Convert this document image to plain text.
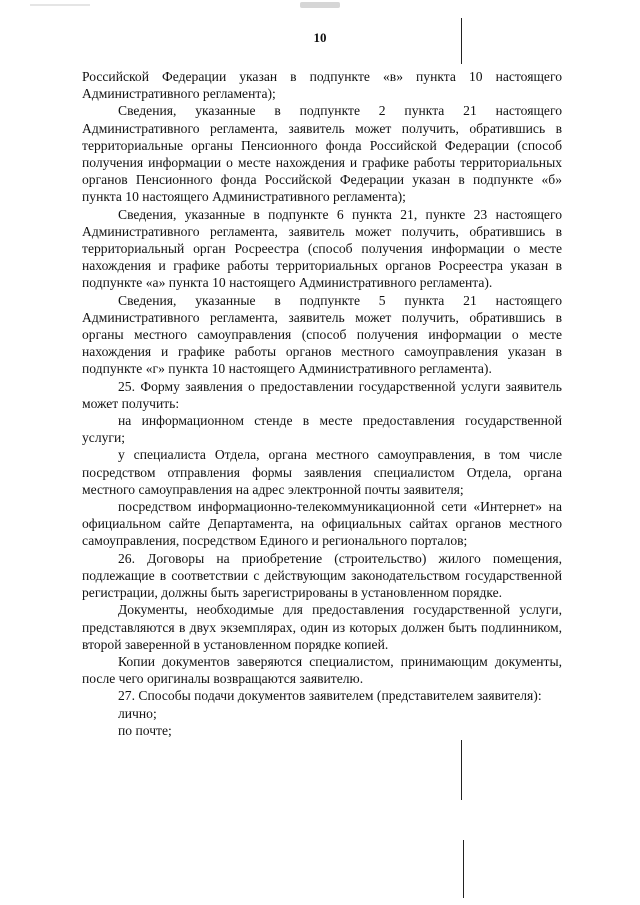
10

Российской Федерации указан в подпункте «в» пункта 10 настоящего Административного регламента);

Сведения, указанные в подпункте 2 пункта 21 настоящего Административного регламента, заявитель может получить, обратившись в территориальные органы Пенсионного фонда Российской Федерации (способ получения информации о месте нахождения и графике работы территориальных органов Пенсионного фонда Российской Федерации указан в подпункте «б» пункта 10 настоящего Административного регламента);

Сведения, указанные в подпункте 6 пункта 21, пункте 23 настоящего Административного регламента, заявитель может получить, обратившись в территориальный орган Росреестра (способ получения информации о месте нахождения и графике работы территориальных органов Росреестра указан в подпункте «а» пункта 10 настоящего Административного регламента).

Сведения, указанные в подпункте 5 пункта 21 настоящего Административного регламента, заявитель может получить, обратившись в органы местного самоуправления (способ получения информации о месте нахождения и графике работы органов местного самоуправления указан в подпункте «г» пункта 10 настоящего Административного регламента).

25. Форму заявления о предоставлении государственной услуги заявитель может получить:

на информационном стенде в месте предоставления государственной услуги;

у специалиста Отдела, органа местного самоуправления, в том числе посредством отправления формы заявления специалистом Отдела, органа местного самоуправления на адрес электронной почты заявителя;

посредством информационно-телекоммуникационной сети «Интернет» на официальном сайте Департамента, на официальных сайтах органов местного самоуправления, посредством Единого и регионального порталов;

26. Договоры на приобретение (строительство) жилого помещения, подлежащие в соответствии с действующим законодательством государственной регистрации, должны быть зарегистрированы в установленном порядке.

Документы, необходимые для предоставления государственной услуги, представляются в двух экземплярах, один из которых должен быть подлинником, второй заверенной в установленном порядке копией.

Копии документов заверяются специалистом, принимающим документы, после чего оригиналы возвращаются заявителю.

27. Способы подачи документов заявителем (представителем заявителя):

лично;

по почте;
